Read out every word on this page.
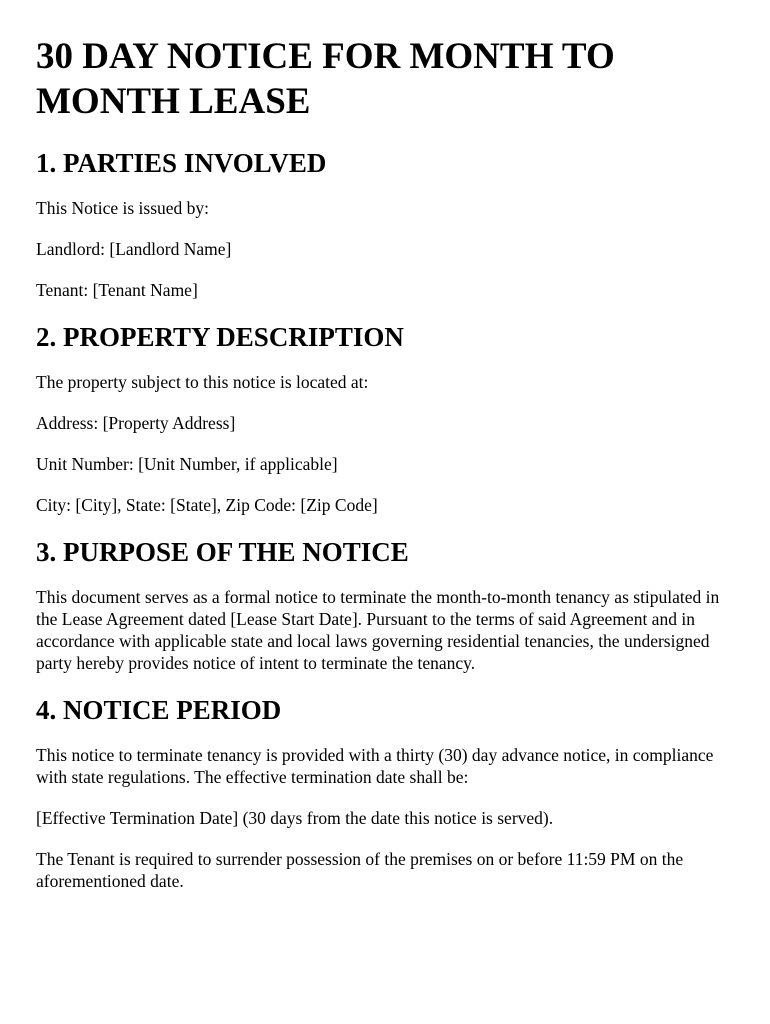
30 DAY NOTICE FOR MONTH TO MONTH LEASE
1. PARTIES INVOLVED

This Notice is issued by:

Landlord: [Landlord Name]

Tenant: [Tenant Name]

2. PROPERTY DESCRIPTION

The property subject to this notice is located at:

Address: [Property Address]

Unit Number: [Unit Number, if applicable]

City: [City], State: [State], Zip Code: [Zip Code]

3. PURPOSE OF THE NOTICE

This document serves as a formal notice to terminate the month-to-month tenancy as stipulated in the Lease Agreement dated [Lease Start Date]. Pursuant to the terms of said Agreement and in accordance with applicable state and local laws governing residential tenancies, the undersigned party hereby provides notice of intent to terminate the tenancy.

4. NOTICE PERIOD

This notice to terminate tenancy is provided with a thirty (30) day advance notice, in compliance with state regulations. The effective termination date shall be:

[Effective Termination Date] (30 days from the date this notice is served).

The Tenant is required to surrender possession of the premises on or before 11:59 PM on the aforementioned date.
